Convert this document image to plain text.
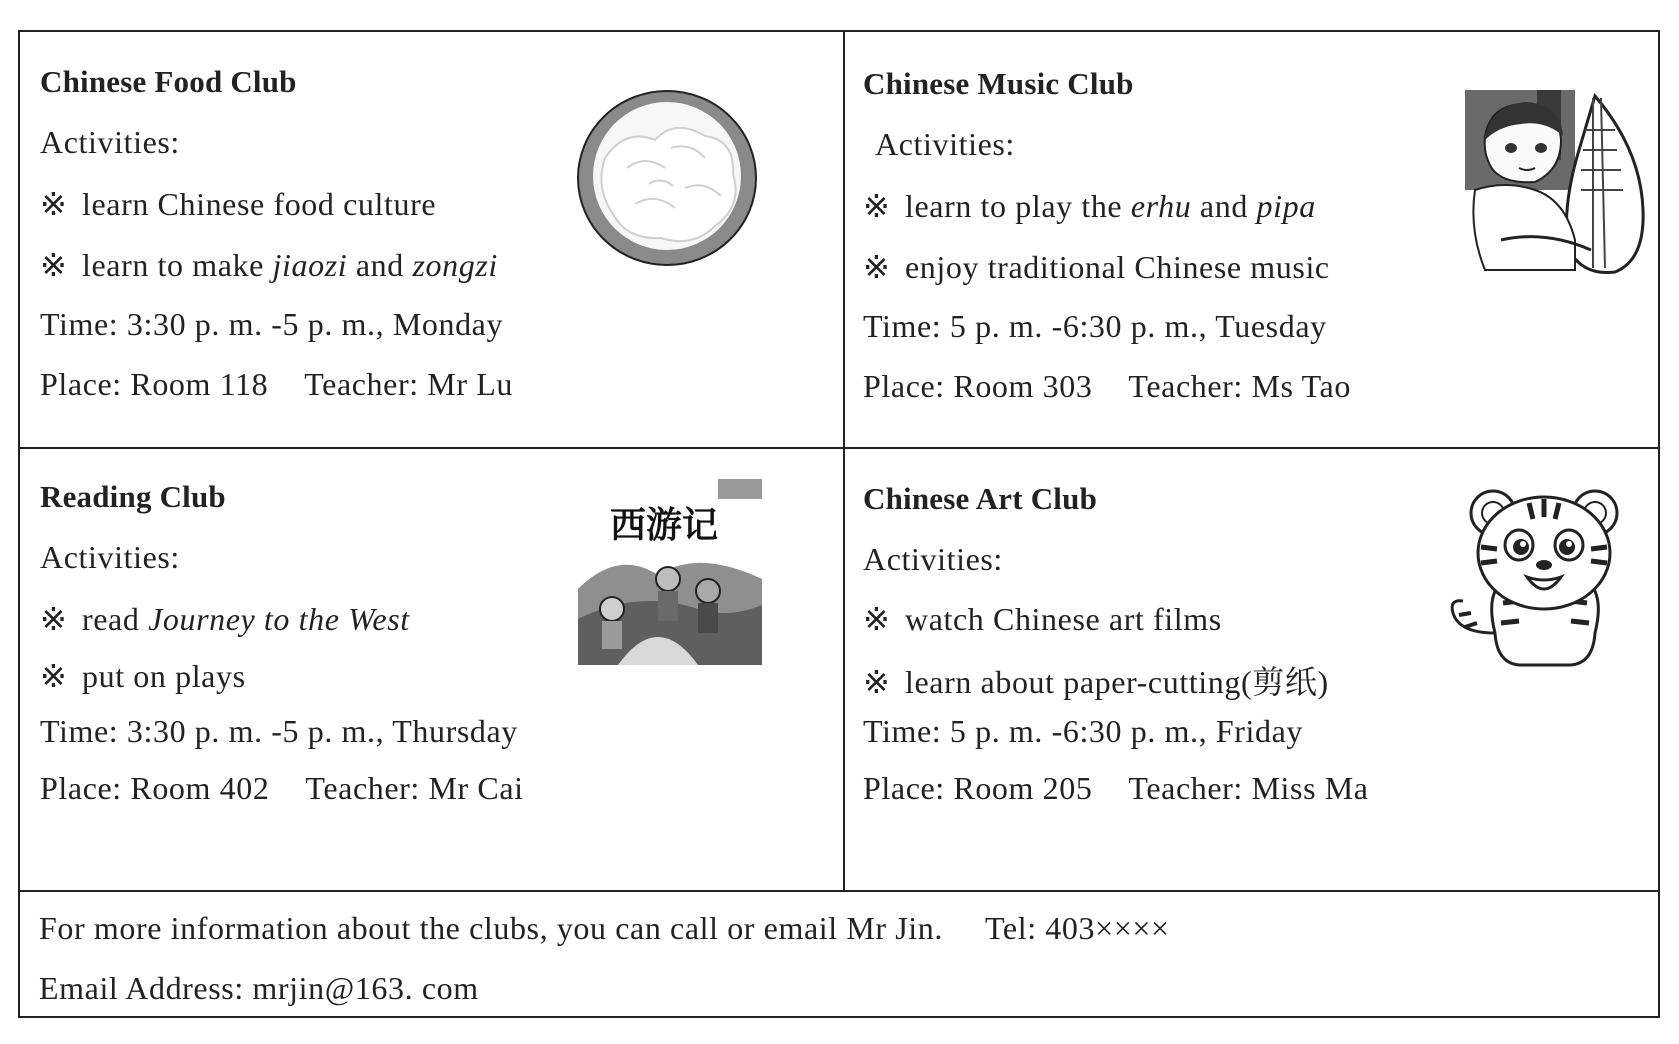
Chinese Food Club
Activities:
※ learn Chinese food culture
※ learn to make jiaozi and zongzi
Time: 3:30 p. m. -5 p. m., Monday
Place: Room 118 Teacher: Mr Lu
Chinese Music Club
Activities:
※ learn to play the erhu and pipa
※ enjoy traditional Chinese music
Time: 5 p. m. -6:30 p. m., Tuesday
Place: Room 303 Teacher: Ms Tao
Reading Club
Activities:
※ read Journey to the West
※ put on plays
Time: 3:30 p. m. -5 p. m., Thursday
Place: Room 402 Teacher: Mr Cai
西游记
Chinese Art Club
Activities:
※ watch Chinese art films
※ learn about paper-cutting(剪纸)
Time: 5 p. m. -6:30 p. m., Friday
Place: Room 205 Teacher: Miss Ma
For more information about the clubs, you can call or email Mr Jin. Tel: 403××××
Email Address: mrjin@163. com
